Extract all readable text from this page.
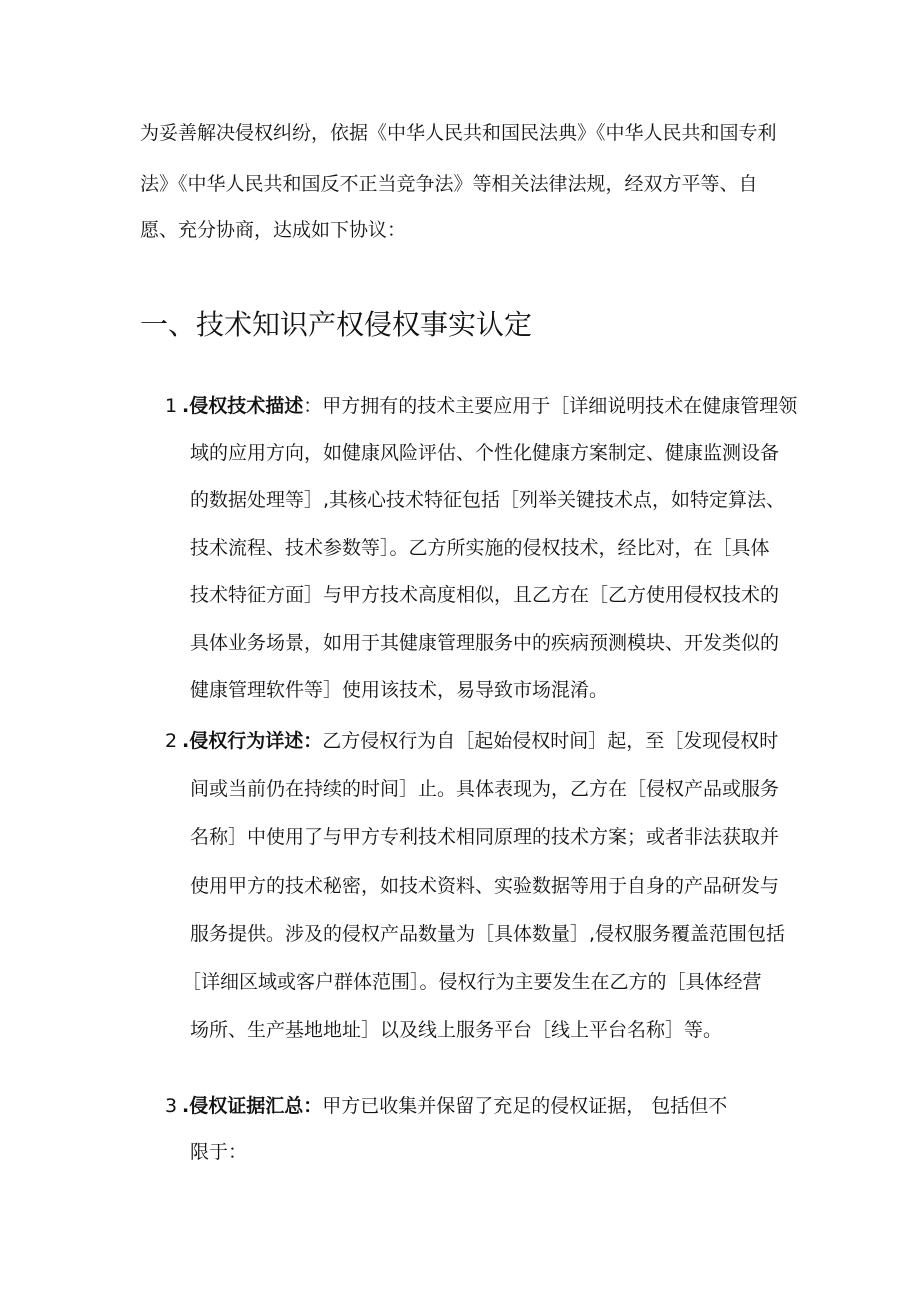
为妥善解决侵权纠纷，依据《中华人民共和国民法典》《中华人民共和国专利
法》《中华人民共和国反不正当竞争法》等相关法律法规，经双方平等、自
愿、充分协商，达成如下协议：
一、技术知识产权侵权事实认定
1 .侵权技术描述：甲方拥有的技术主要应用于［详细说明技术在健康管理领
域的应用方向，如健康风险评估、个性化健康方案制定、健康监测设备
的数据处理等］,其核心技术特征包括［列举关键技术点，如特定算法、
技术流程、技术参数等］。乙方所实施的侵权技术，经比对，在［具体
技术特征方面］与甲方技术高度相似，且乙方在［乙方使用侵权技术的
具体业务场景，如用于其健康管理服务中的疾病预测模块、开发类似的
健康管理软件等］使用该技术，易导致市场混淆。
2 .侵权行为详述：乙方侵权行为自［起始侵权时间］起，至［发现侵权时
间或当前仍在持续的时间］止。具体表现为，乙方在［侵权产品或服务
名称］中使用了与甲方专利技术相同原理的技术方案；或者非法获取并
使用甲方的技术秘密，如技术资料、实验数据等用于自身的产品研发与
服务提供。涉及的侵权产品数量为［具体数量］,侵权服务覆盖范围包括
［详细区域或客户群体范围］。侵权行为主要发生在乙方的［具体经营
场所、生产基地地址］以及线上服务平台［线上平台名称］等。
3 .侵权证据汇总：甲方已收集并保留了充足的侵权证据， 包括但不
限于：
